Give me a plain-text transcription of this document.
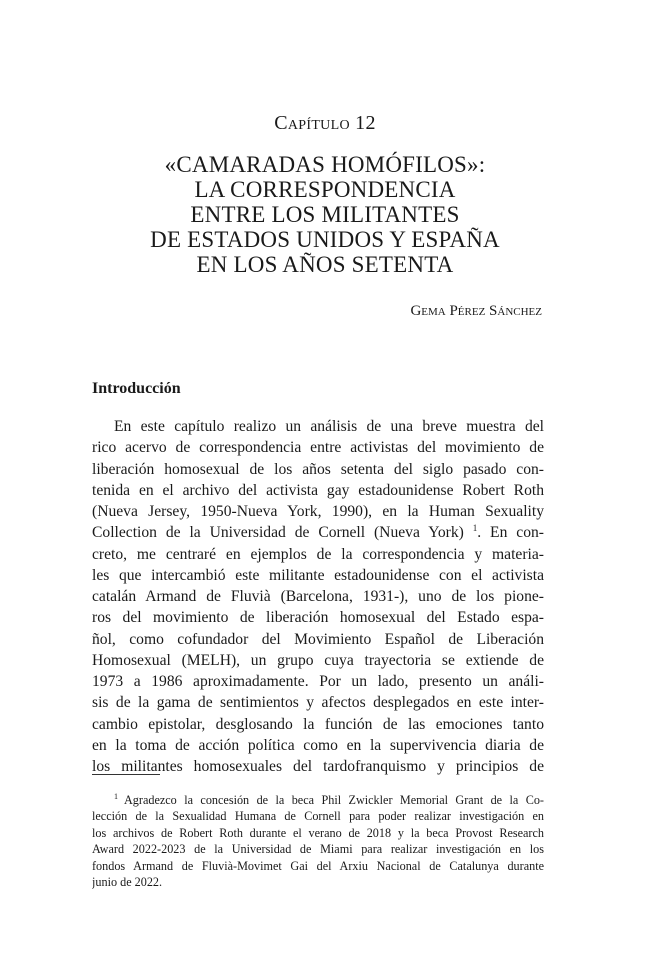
Capítulo 12
«CAMARADAS HOMÓFILOS»:
LA CORRESPONDENCIA
ENTRE LOS MILITANTES
DE ESTADOS UNIDOS Y ESPAÑA
EN LOS AÑOS SETENTA
Gema Pérez Sánchez
Introducción
En este capítulo realizo un análisis de una breve muestra del
rico acervo de correspondencia entre activistas del movimiento de
liberación homosexual de los años setenta del siglo pasado con-
tenida en el archivo del activista gay estadounidense Robert Roth
(Nueva Jersey, 1950-Nueva York, 1990), en la Human Sexuality
Collection de la Universidad de Cornell (Nueva York) $^1$. En con-
creto, me centraré en ejemplos de la correspondencia y materia-
les que intercambió este militante estadounidense con el activista
catalán Armand de Fluvià (Barcelona, 1931-), uno de los pione-
ros del movimiento de liberación homosexual del Estado espa-
ñol, como cofundador del Movimiento Español de Liberación
Homosexual (MELH), un grupo cuya trayectoria se extiende de
1973 a 1986 aproximadamente. Por un lado, presento un análi-
sis de la gama de sentimientos y afectos desplegados en este inter-
cambio epistolar, desglosando la función de las emociones tanto
en la toma de acción política como en la supervivencia diaria de
los militantes homosexuales del tardofranquismo y principios de
$^1$ Agradezco la concesión de la beca Phil Zwickler Memorial Grant de la Co-
lección de la Sexualidad Humana de Cornell para poder realizar investigación en
los archivos de Robert Roth durante el verano de 2018 y la beca Provost Research
Award 2022-2023 de la Universidad de Miami para realizar investigación en los
fondos Armand de Fluvià-Movimet Gai del Arxiu Nacional de Catalunya durante
junio de 2022.
